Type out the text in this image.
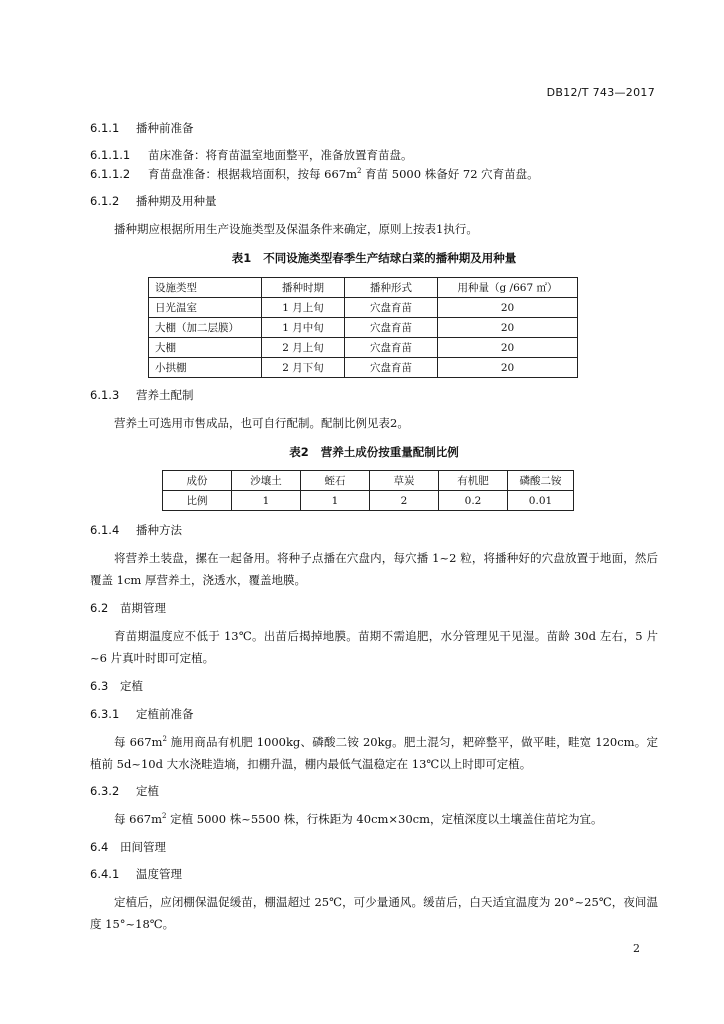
DB12/T 743—2017
6.1.1 播种前准备
6.1.1.1 苗床准备：将育苗温室地面整平，准备放置育苗盘。
6.1.1.2 育苗盘准备：根据栽培面积，按每 $667m^2$ 育苗 5000 株备好 72 穴育苗盘。
6.1.2 播种期及用种量
播种期应根据所用生产设施类型及保温条件来确定，原则上按表1执行。
表1 不同设施类型春季生产结球白菜的播种期及用种量
设施类型	播种时期	播种形式	用种量（g /667 ㎡）
日光温室	1 月上旬	穴盘育苗	20
大棚（加二层膜）	1 月中旬	穴盘育苗	20
大棚	2 月上旬	穴盘育苗	20
小拱棚	2 月下旬	穴盘育苗	20
6.1.3 营养土配制
营养土可选用市售成品，也可自行配制。配制比例见表2。
表2 营养土成份按重量配制比例
成份	沙壤土	蛭石	草炭	有机肥	磷酸二铵
比例	1	1	2	0.2	0.01
6.1.4 播种方法
将营养土装盘，摞在一起备用。将种子点播在穴盘内，每穴播 1~2 粒，将播种好的穴盘放置于地面，然后覆盖 1cm 厚营养土，浇透水，覆盖地膜。
6.2 苗期管理
育苗期温度应不低于 13℃。出苗后揭掉地膜。苗期不需追肥，水分管理见干见湿。苗龄 30d 左右，5 片~6 片真叶时即可定植。
6.3 定植
6.3.1 定植前准备
每 $667m^2$ 施用商品有机肥 1000kg、磷酸二铵 20kg。肥土混匀，耙碎整平，做平畦，畦宽 120cm。定植前 5d~10d 大水浇畦造墒，扣棚升温，棚内最低气温稳定在 13℃以上时即可定植。
6.3.2 定植
每 $667m^2$ 定植 5000 株~5500 株，行株距为 40cm×30cm，定植深度以土壤盖住苗坨为宜。
6.4 田间管理
6.4.1 温度管理
定植后，应闭棚保温促缓苗，棚温超过 25℃，可少量通风。缓苗后，白天适宜温度为 20°~25℃，夜间温度 15°~18℃。
2
